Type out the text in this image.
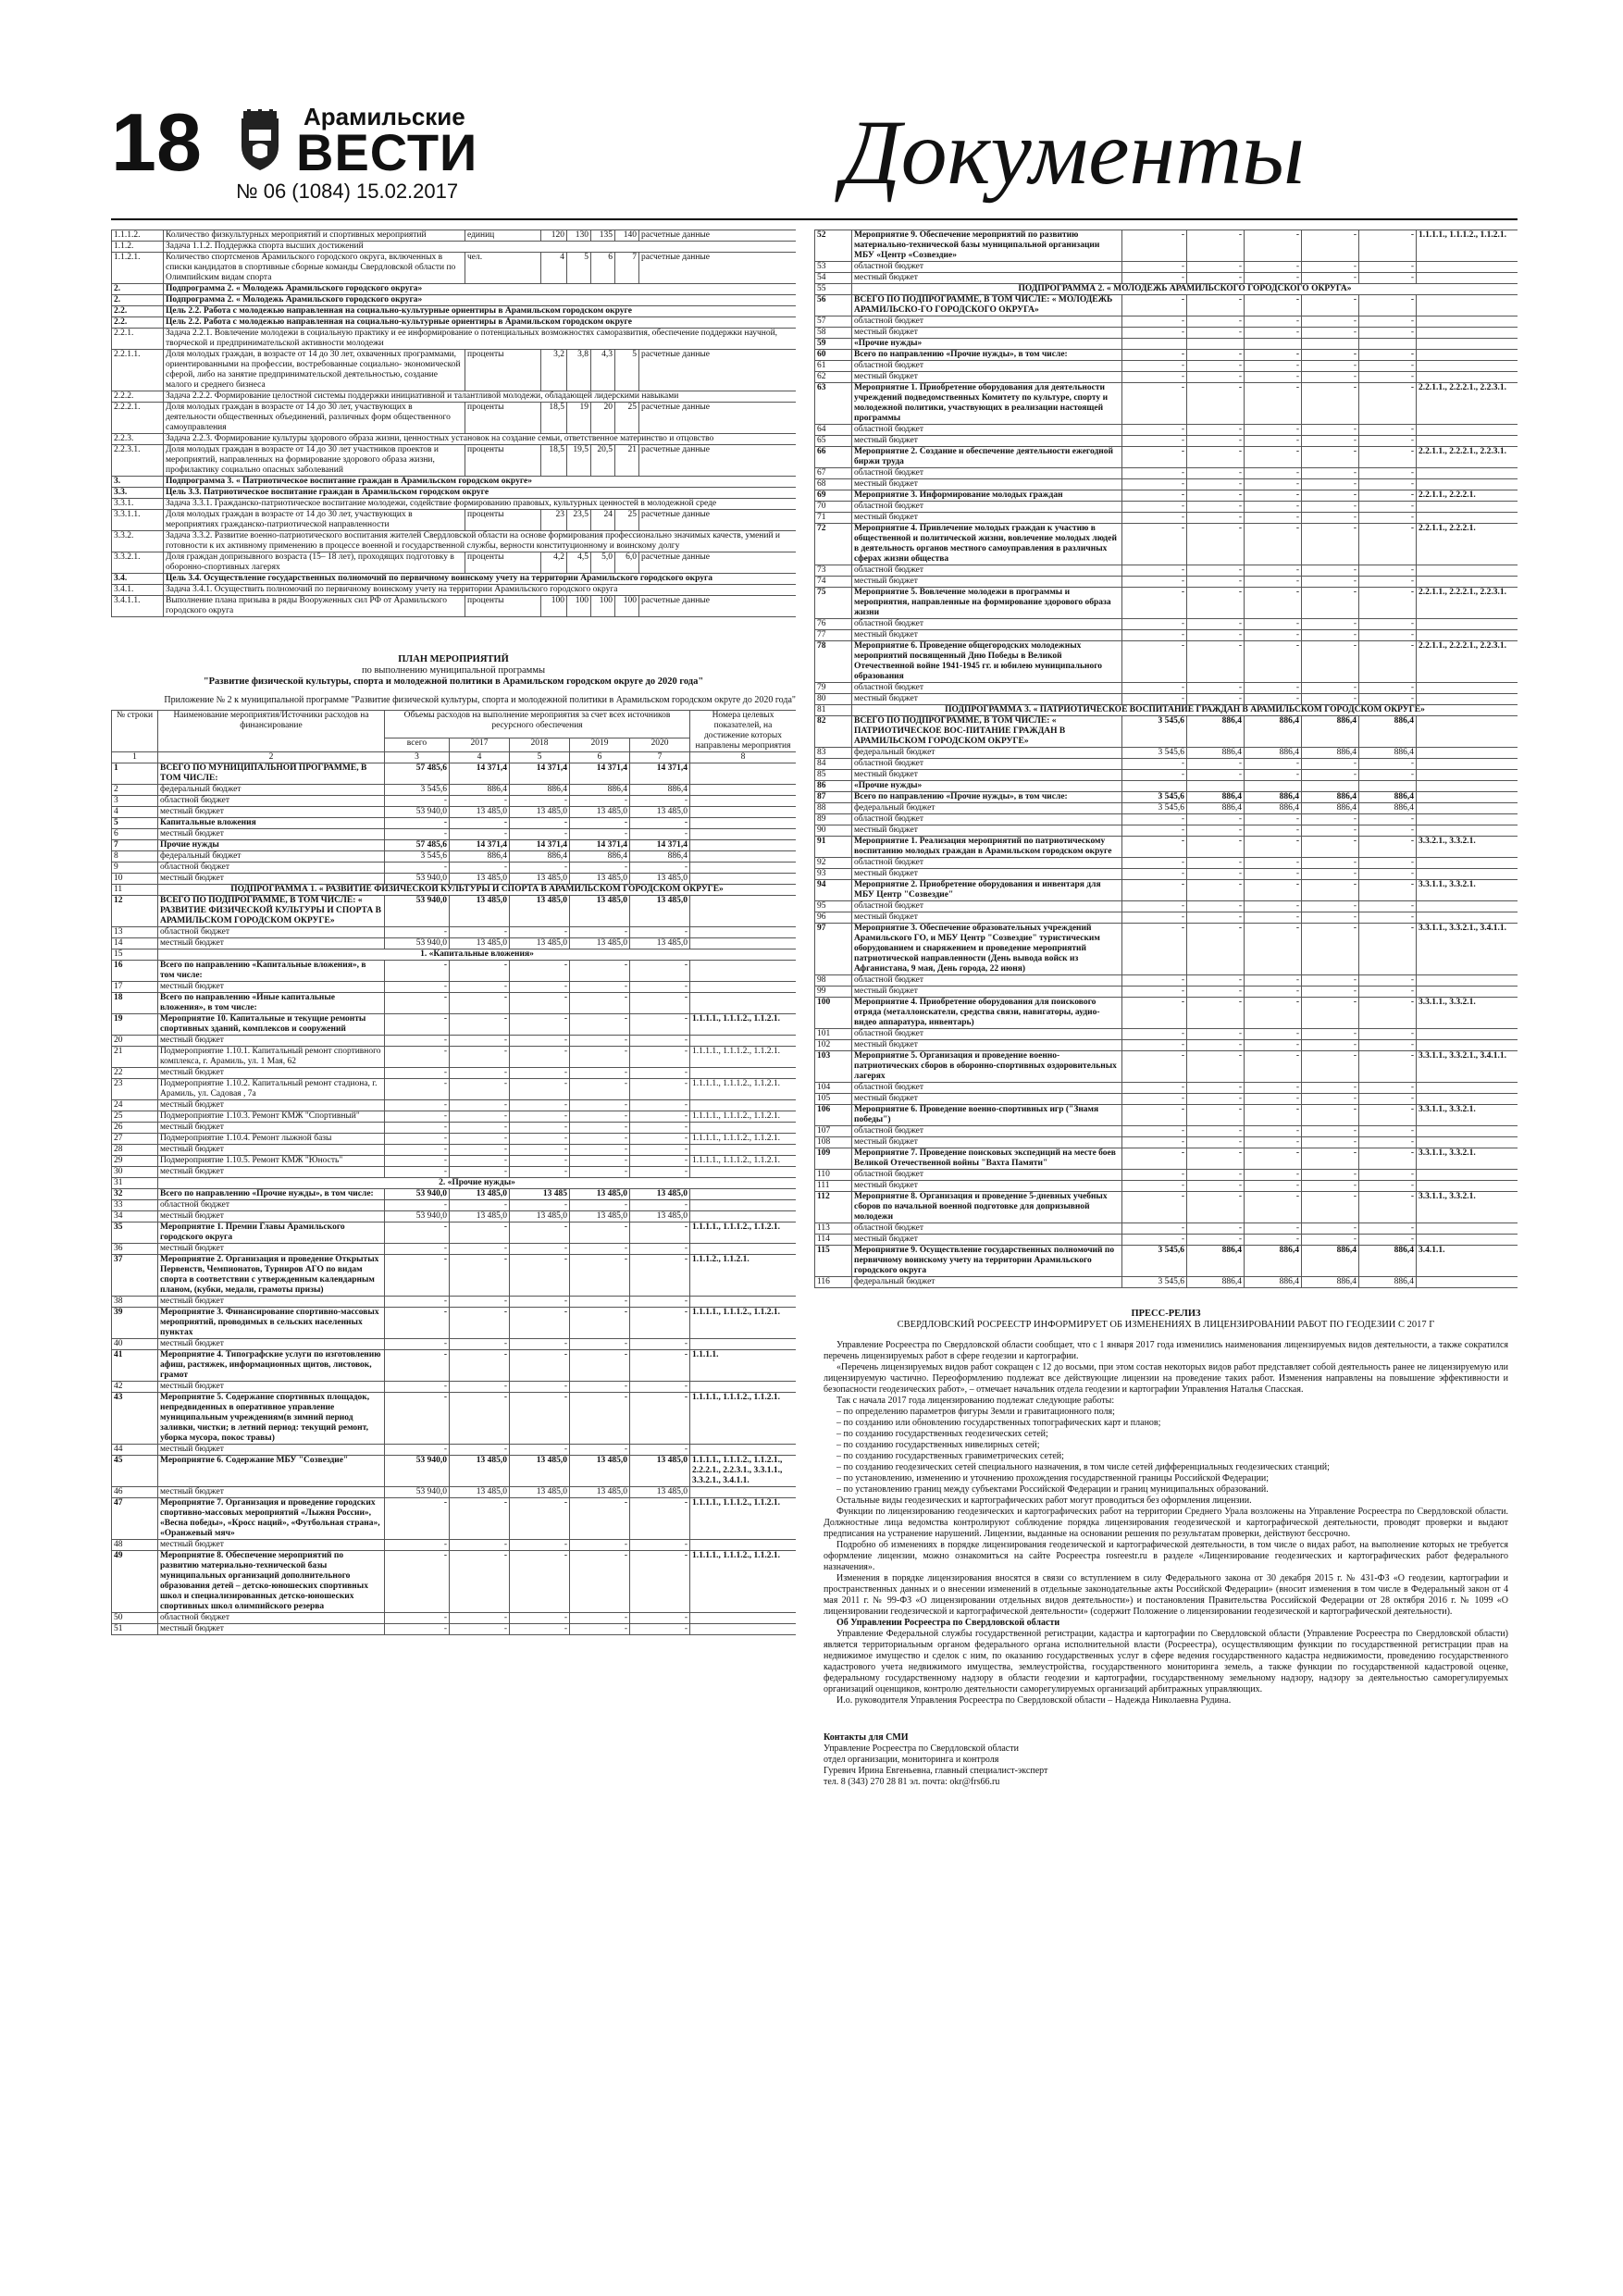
18	Арамильские
ВЕСТИ
№ 06 (1084) 15.02.2017	Документы
1.1.1.2.	Количество физкультурных мероприятий и спортивных мероприятий	единиц	120	130	135	140	расчетные данные
1.1.2.	Задача 1.1.2. Поддержка спорта высших достижений						
1.1.2.1.	Количество спортсменов Арамильского городского округа, включенных в списки кандидатов в спортивные сборные команды Свердловской области по Олимпийским видам спорта	чел.	4	5	6	7	расчетные данные
2.	Подпрограмма 2. « Молодежь Арамильского городского округа»						
2.	Подпрограмма 2. « Молодежь Арамильского городского округа»						
2.2.	Цель 2.2. Работа с молодежью направленная на социально-культурные ориентиры в Арамильском городском округе						
2.2.	Цель 2.2. Работа с молодежью направленная на социально-культурные ориентиры в Арамильском городском округе						
2.2.1.	Задача 2.2.1. Вовлечение молодежи в социальную практику и ее информирование о потенциальных возможностях саморазвития, обеспечение поддержки научной, творческой и предпринимательской активности молодежи						
2.2.1.1.	Доля молодых граждан, в возрасте от 14 до 30 лет, охваченных программами, ориентированными на профессии, востребованные социально- экономической сферой, либо на занятие предпринимательской деятельностью, создание малого и среднего бизнеса	проценты	3,2	3,8	4,3	5	расчетные данные
2.2.2.	Задача 2.2.2. Формирование целостной системы поддержки инициативной и талантливой молодежи, обладающей лидерскими навыками						
2.2.2.1.	Доля молодых граждан в возрасте от 14 до 30 лет, участвующих в деятельности общественных объединений, различных форм общественного самоуправления	проценты	18,5	19	20	25	расчетные данные
2.2.3.	Задача 2.2.3. Формирование культуры здорового образа жизни, ценностных установок на создание семьи, ответственное материнство и отцовство						
2.2.3.1.	Доля молодых граждан в возрасте от 14 до 30 лет участников проектов и мероприятий, направленных на формирование здорового образа жизни, профилактику социально опасных заболеваний	проценты	18,5	19,5	20,5	21	расчетные данные
3.	Подпрограмма 3. « Патриотическое воспитание граждан в Арамильском городском округе»						
3.3.	Цель 3.3. Патриотическое воспитание граждан в Арамильском городском округе						
3.3.1.	Задача 3.3.1. Гражданско-патриотическое воспитание молодежи, содействие формированию правовых, культурных ценностей в молодежной среде						
3.3.1.1.	Доля молодых граждан в возрасте от 14 до 30 лет, участвующих в мероприятиях гражданско-патриотической направленности	проценты	23	23,5	24	25	расчетные данные
3.3.2.	Задача 3.3.2. Развитие военно-патриотического воспитания жителей Свердловской области на основе формирования профессионально значимых качеств, умений и готовности к их активному применению в процессе военной и государственной службы, верности конституционному и воинскому долгу						
3.3.2.1.	Доля граждан допризывного возраста (15– 18 лет), проходящих подготовку в оборонно-спортивных лагерях	проценты	4,2	4,5	5,0	6,0	расчетные данные
3.4.	Цель 3.4. Осуществление государственных полномочий по первичному воинскому учету на территории Арамильского городского округа						
3.4.1.	Задача 3.4.1. Осуществить полномочий по первичному воинскому учету на территории Арамильского городского округа						
3.4.1.1.	Выполнение плана призыва в ряды Вооруженных сил РФ от Арамильского городского округа	проценты	100	100	100	100	расчетные данные
ПЛАН МЕРОПРИЯТИЙ

по выполнению муниципальной программы

"Развитие физической культуры, спорта и молодежной политики в Арамильском городском округе до 2020 года"

Приложение № 2 к муниципальной программе "Развитие физической культуры, спорта и молодежной политики в Арамильском городском округе до 2020 года"
№ строки	Наименование мероприятия/Источники расходов на финансирование	Объемы расходов на выполнение мероприятия за счет всех источников ресурсного обеспечения					Номера целевых показателей, на достижение которых направлены мероприятия
		всего	2017	2018	2019	2020	
1	2	3	4	5	6	7	8
1	ВСЕГО ПО МУНИЦИПАЛЬНОЙ ПРОГРАММЕ, В ТОМ ЧИСЛЕ:	57 485,6	14 371,4	14 371,4	14 371,4	14 371,4	
2	федеральный бюджет	3 545,6	886,4	886,4	886,4	886,4	
3	областной бюджет	-	-	-	-	-	
4	местный бюджет	53 940,0	13 485,0	13 485,0	13 485,0	13 485,0	
5	Капитальные вложения	-	-	-	-	-	
6	местный бюджет	-	-	-	-	-	
7	Прочие нужды	57 485,6	14 371,4	14 371,4	14 371,4	14 371,4	
8	федеральный бюджет	3 545,6	886,4	886,4	886,4	886,4	
9	областной бюджет	-	-	-	-	-	
10	местный бюджет	53 940,0	13 485,0	13 485,0	13 485,0	13 485,0	
11	ПОДПРОГРАММА 1. « РАЗВИТИЕ ФИЗИЧЕСКОЙ КУЛЬТУРЫ И СПОРТА В АРАМИЛЬСКОМ ГОРОДСКОМ ОКРУГЕ»						
12	ВСЕГО ПО ПОДПРОГРАММЕ, В ТОМ ЧИСЛЕ: « РАЗВИТИЕ ФИЗИЧЕСКОЙ КУЛЬТУРЫ И СПОРТА В АРАМИЛЬСКОМ ГОРОДСКОМ ОКРУГЕ»	53 940,0	13 485,0	13 485,0	13 485,0	13 485,0	
13	областной бюджет	-	-	-	-	-	
14	местный бюджет	53 940,0	13 485,0	13 485,0	13 485,0	13 485,0	
15	1. «Капитальные вложения»						
16	Всего по направлению «Капитальные вложения», в том числе:	-	-	-	-	-	
17	местный бюджет	-	-	-	-	-	
18	Всего по направлению «Иные капитальные вложения», в том числе:	-	-	-	-	-	
19	Мероприятие 10. Капитальные и текущие ремонты спортивных зданий, комплексов и сооружений	-	-	-	-	-	1.1.1.1., 1.1.1.2., 1.1.2.1.
20	местный бюджет	-	-	-	-	-	
21	Подмероприятие 1.10.1. Капитальный ремонт спортивного комплекса, г. Арамиль, ул. 1 Мая, 62	-	-	-	-	-	1.1.1.1., 1.1.1.2., 1.1.2.1.
22	местный бюджет	-	-	-	-	-	
23	Подмероприятие 1.10.2. Капитальный ремонт стадиона, г. Арамиль, ул. Садовая , 7а	-	-	-	-	-	1.1.1.1., 1.1.1.2., 1.1.2.1.
24	местный бюджет	-	-	-	-	-	
25	Подмероприятие 1.10.3. Ремонт КМЖ "Спортивный"	-	-	-	-	-	1.1.1.1., 1.1.1.2., 1.1.2.1.
26	местный бюджет	-	-	-	-	-	
27	Подмероприятие 1.10.4. Ремонт лыжной базы	-	-	-	-	-	1.1.1.1., 1.1.1.2., 1.1.2.1.
28	местный бюджет	-	-	-	-	-	
29	Подмероприятие 1.10.5. Ремонт КМЖ "Юность"	-	-	-	-	-	1.1.1.1., 1.1.1.2., 1.1.2.1.
30	местный бюджет	-	-	-	-	-	
31	2. «Прочие нужды»						
32	Всего по направлению «Прочие нужды», в том числе:	53 940,0	13 485,0	13 485	13 485,0	13 485,0	
33	областной бюджет	-	-	-	-	-	
34	местный бюджет	53 940,0	13 485,0	13 485,0	13 485,0	13 485,0	
35	Мероприятие 1. Премии Главы Арамильского городского округа	-	-	-	-	-	1.1.1.1., 1.1.1.2., 1.1.2.1.
36	местный бюджет	-	-	-	-	-	
37	Мероприятие 2. Организация и проведение Открытых Первенств, Чемпионатов, Турниров АГО по видам спорта в соответствии с утвержденным календарным планом, (кубки, медали, грамоты призы)	-	-	-	-	-	1.1.1.2., 1.1.2.1.
38	местный бюджет	-	-	-	-	-	
39	Мероприятие 3. Финансирование спортивно-массовых мероприятий, проводимых в сельских населенных пунктах	-	-	-	-	-	1.1.1.1., 1.1.1.2., 1.1.2.1.
40	местный бюджет	-	-	-	-	-	
41	Мероприятие 4. Типографские услуги по изготовлению афиш, растяжек, информационных щитов, листовок, грамот	-	-	-	-	-	1.1.1.1.
42	местный бюджет	-	-	-	-	-	
43	Мероприятие 5. Содержание спортивных площадок, непредвиденных в оперативное управление муниципальным учреждениям(в зимний период заливки, чистки; в летний период: текущий ремонт, уборка мусора, покос травы)	-	-	-	-	-	1.1.1.1., 1.1.1.2., 1.1.2.1.
44	местный бюджет	-	-	-	-	-	
45	Мероприятие 6. Содержание МБУ "Созвездие"	53 940,0	13 485,0	13 485,0	13 485,0	13 485,0	1.1.1.1., 1.1.1.2., 1.1.2.1., 2.2.2.1., 2.2.3.1., 3.3.1.1., 3.3.2.1., 3.4.1.1.
46	местный бюджет	53 940,0	13 485,0	13 485,0	13 485,0	13 485,0	
47	Мероприятие 7. Организация и проведение городских спортивно-массовых мероприятий «Лыжня России», «Весна победы», «Кросс наций», «Футбольная страна», «Оранжевый мяч»	-	-	-	-	-	1.1.1.1., 1.1.1.2., 1.1.2.1.
48	местный бюджет	-	-	-	-	-	
49	Мероприятие 8. Обеспечение мероприятий по развитию материально-технической базы муниципальных организаций дополнительного образования детей – детско-юношеских спортивных школ и специализированных детско-юношеских спортивных школ олимпийского резерва	-	-	-	-	-	1.1.1.1., 1.1.1.2., 1.1.2.1.
50	областной бюджет	-	-	-	-	-	
51	местный бюджет	-	-	-	-	-	
52	Мероприятие 9. Обеспечение мероприятий по развитию материально-технической базы муниципальной организации МБУ «Центр «Созвездие»	-	-	-	-	-	1.1.1.1., 1.1.1.2., 1.1.2.1.
53	областной бюджет	-	-	-	-	-	
54	местный бюджет	-	-	-	-	-	
55	ПОДПРОГРАММА 2. « МОЛОДЕЖЬ АРАМИЛЬСКОГО ГОРОДСКОГО ОКРУГА»						
56	ВСЕГО ПО ПОДПРОГРАММЕ, В ТОМ ЧИСЛЕ: « МОЛОДЕЖЬ АРАМИЛЬСКО-ГО ГОРОДСКОГО ОКРУГА»	-	-	-	-	-	
57	областной бюджет	-	-	-	-	-	
58	местный бюджет	-	-	-	-	-	
59	«Прочие нужды»						
60	Всего по направлению «Прочие нужды», в том числе:	-	-	-	-	-	
61	областной бюджет	-	-	-	-	-	
62	местный бюджет	-	-	-	-	-	
63	Мероприятие 1. Приобретение оборудования для деятельности учреждений подведомственных Комитету по культуре, спорту и молодежной политики, участвующих в реализации настоящей программы	-	-	-	-	-	2.2.1.1., 2.2.2.1., 2.2.3.1.
64	областной бюджет	-	-	-	-	-	
65	местный бюджет	-	-	-	-	-	
66	Мероприятие 2. Создание и обеспечение деятельности ежегодной биржи труда	-	-	-	-	-	2.2.1.1., 2.2.2.1., 2.2.3.1.
67	областной бюджет	-	-	-	-	-	
68	местный бюджет	-	-	-	-	-	
69	Мероприятие 3. Информирование молодых граждан	-	-	-	-	-	2.2.1.1., 2.2.2.1.
70	областной бюджет	-	-	-	-	-	
71	местный бюджет	-	-	-	-	-	
72	Мероприятие 4. Привлечение молодых граждан к участию в общественной и политической жизни, вовлечение молодых людей в деятельность органов местного самоуправления в различных сферах жизни общества	-	-	-	-	-	2.2.1.1., 2.2.2.1.
73	областной бюджет	-	-	-	-	-	
74	местный бюджет	-	-	-	-	-	
75	Мероприятие 5. Вовлечение молодежи в программы и мероприятия, направленные на формирование здорового образа жизни	-	-	-	-	-	2.2.1.1., 2.2.2.1., 2.2.3.1.
76	областной бюджет	-	-	-	-	-	
77	местный бюджет	-	-	-	-	-	
78	Мероприятие 6. Проведение общегородских молодежных мероприятий посвященный Дню Победы в Великой Отечественной войне 1941-1945 гг. и юбилею муниципального образования	-	-	-	-	-	2.2.1.1., 2.2.2.1., 2.2.3.1.
79	областной бюджет	-	-	-	-	-	
80	местный бюджет	-	-	-	-	-	
81	ПОДПРОГРАММА 3. « ПАТРИОТИЧЕСКОЕ ВОСПИТАНИЕ ГРАЖДАН В АРАМИЛЬСКОМ ГОРОДСКОМ ОКРУГЕ»						
82	ВСЕГО ПО ПОДПРОГРАММЕ, В ТОМ ЧИСЛЕ: « ПАТРИОТИЧЕСКОЕ ВОС-ПИТАНИЕ ГРАЖДАН В АРАМИЛЬСКОМ ГОРОДСКОМ ОКРУГЕ»	3 545,6	886,4	886,4	886,4	886,4	
83	федеральный бюджет	3 545,6	886,4	886,4	886,4	886,4	
84	областной бюджет	-	-	-	-	-	
85	местный бюджет	-	-	-	-	-	
86	«Прочие нужды»						
87	Всего по направлению «Прочие нужды», в том числе:	3 545,6	886,4	886,4	886,4	886,4	
88	федеральный бюджет	3 545,6	886,4	886,4	886,4	886,4	
89	областной бюджет	-	-	-	-	-	
90	местный бюджет	-	-	-	-	-	
91	Мероприятие 1. Реализация мероприятий по патриотическому воспитанию молодых граждан в Арамильском городском округе	-	-	-	-	-	3.3.2.1., 3.3.2.1.
92	областной бюджет	-	-	-	-	-	
93	местный бюджет	-	-	-	-	-	
94	Мероприятие 2. Приобретение оборудования и инвентаря для МБУ Центр "Созвездие"	-	-	-	-	-	3.3.1.1., 3.3.2.1.
95	областной бюджет	-	-	-	-	-	
96	местный бюджет	-	-	-	-	-	
97	Мероприятие 3. Обеспечение образовательных учреждений Арамильского ГО, и МБУ Центр "Созвездие" туристическим оборудованием и снаряжением и проведение мероприятий патриотической направленности (День вывода войск из Афганистана, 9 мая, День города, 22 июня)	-	-	-	-	-	3.3.1.1., 3.3.2.1., 3.4.1.1.
98	областной бюджет	-	-	-	-	-	
99	местный бюджет	-	-	-	-	-	
100	Мероприятие 4. Приобретение оборудования для поискового отряда (металлоискатели, средства связи, навигаторы, аудио-видео аппаратура, инвентарь)	-	-	-	-	-	3.3.1.1., 3.3.2.1.
101	областной бюджет	-	-	-	-	-	
102	местный бюджет	-	-	-	-	-	
103	Мероприятие 5. Организация и проведение военно-патриотических сборов в оборонно-спортивных оздоровительных лагерях	-	-	-	-	-	3.3.1.1., 3.3.2.1., 3.4.1.1.
104	областной бюджет	-	-	-	-	-	
105	местный бюджет	-	-	-	-	-	
106	Мероприятие 6. Проведение военно-спортивных игр ("Знамя победы")	-	-	-	-	-	3.3.1.1., 3.3.2.1.
107	областной бюджет	-	-	-	-	-	
108	местный бюджет	-	-	-	-	-	
109	Мероприятие 7. Проведение поисковых экспедиций на месте боев Великой Отечественной войны "Вахта Памяти"	-	-	-	-	-	3.3.1.1., 3.3.2.1.
110	областной бюджет	-	-	-	-	-	
111	местный бюджет	-	-	-	-	-	
112	Мероприятие 8. Организация и проведение 5-дневных учебных сборов по начальной военной подготовке для допризывной молодежи	-	-	-	-	-	3.3.1.1., 3.3.2.1.
113	областной бюджет	-	-	-	-	-	
114	местный бюджет	-	-	-	-	-	
115	Мероприятие 9. Осуществление государственных полномочий по первичному воинскому учету на территории Арамильского городского округа	3 545,6	886,4	886,4	886,4	886,4	3.4.1.1.
116	федеральный бюджет	3 545,6	886,4	886,4	886,4	886,4	
ПРЕСС-РЕЛИЗ
СВЕРДЛОВСКИЙ РОСРЕЕСТР ИНФОРМИРУЕТ ОБ ИЗМЕНЕНИЯХ В ЛИЦЕНЗИРОВАНИИ РАБОТ ПО ГЕОДЕЗИИ С 2017 Г

Управление Росреестра по Свердловской области сообщает, что с 1 января 2017 года изменились наименования лицензируемых видов деятельности, а также сократился перечень лицензируемых работ в сфере геодезии и картографии.

«Перечень лицензируемых видов работ сокращен с 12 до восьми, при этом состав некоторых видов работ представляет собой деятельность ранее не лицензируемую или лицензируемую частично. Переоформлению подлежат все действующие лицензии на проведение таких работ. Изменения направлены на повышение эффективности и безопасности геодезических работ», – отмечает начальник отдела геодезии и картографии Управления Наталья Спасская.

Так с начала 2017 года лицензированию подлежат следующие работы:

– по определению параметров фигуры Земли и гравитационного поля;

– по созданию или обновлению государственных топографических карт и планов;

– по созданию государственных геодезических сетей;

– по созданию государственных нивелирных сетей;

– по созданию государственных гравиметрических сетей;

– по созданию геодезических сетей специального назначения, в том числе сетей дифференциальных геодезических станций;

– по установлению, изменению и уточнению прохождения государственной границы Российской Федерации;

– по установлению границ между субъектами Российской Федерации и границ муниципальных образований.

Остальные виды геодезических и картографических работ могут проводиться без оформления лицензии.

Функции по лицензированию геодезических и картографических работ на территории Среднего Урала возложены на Управление Росреестра по Свердловской области. Должностные лица ведомства контролируют соблюдение порядка лицензирования геодезической и картографической деятельности, проводят проверки и выдают предписания на устранение нарушений. Лицензии, выданные на основании решения по результатам проверки, действуют бессрочно.

Подробно об изменениях в порядке лицензирования геодезической и картографической деятельности, в том числе о видах работ, на выполнение которых не требуется оформление лицензии, можно ознакомиться на сайте Росреестра rosreestr.ru в разделе «Лицензирование геодезических и картографических работ федерального назначения».

Изменения в порядке лицензирования вносятся в связи со вступлением в силу Федерального закона от 30 декабря 2015 г. № 431-ФЗ «О геодезии, картографии и пространственных данных и о внесении изменений в отдельные законодательные акты Российской Федерации» (вносит изменения в том числе в Федеральный закон от 4 мая 2011 г. № 99-ФЗ «О лицензировании отдельных видов деятельности») и постановления Правительства Российской Федерации от 28 октября 2016 г. № 1099 «О лицензировании геодезической и картографической деятельности» (содержит Положение о лицензировании геодезической и картографической деятельности).

Об Управлении Росреестра по Свердловской области

Управление Федеральной службы государственной регистрации, кадастра и картографии по Свердловской области (Управление Росреестра по Свердловской области) является территориальным органом федерального органа исполнительной власти (Росреестра), осуществляющим функции по государственной регистрации прав на недвижимое имущество и сделок с ним, по оказанию государственных услуг в сфере ведения государственного кадастра недвижимости, проведению государственного кадастрового учета недвижимого имущества, землеустройства, государственного мониторинга земель, а также функции по государственной кадастровой оценке, федеральному государственному надзору в области геодезии и картографии, государственному земельному надзору, надзору за деятельностью саморегулируемых организаций оценщиков, контролю деятельности саморегулируемых организаций арбитражных управляющих.

И.о. руководителя Управления Росреестра по Свердловской области – Надежда Николаевна Рудина.

Контакты для СМИ
Управление Росреестра по Свердловской области
отдел организации, мониторинга и контроля
Гуревич Ирина Евгеньевна, главный специалист-эксперт
тел. 8 (343) 270 28 81 эл. почта: okr@frs66.ru
